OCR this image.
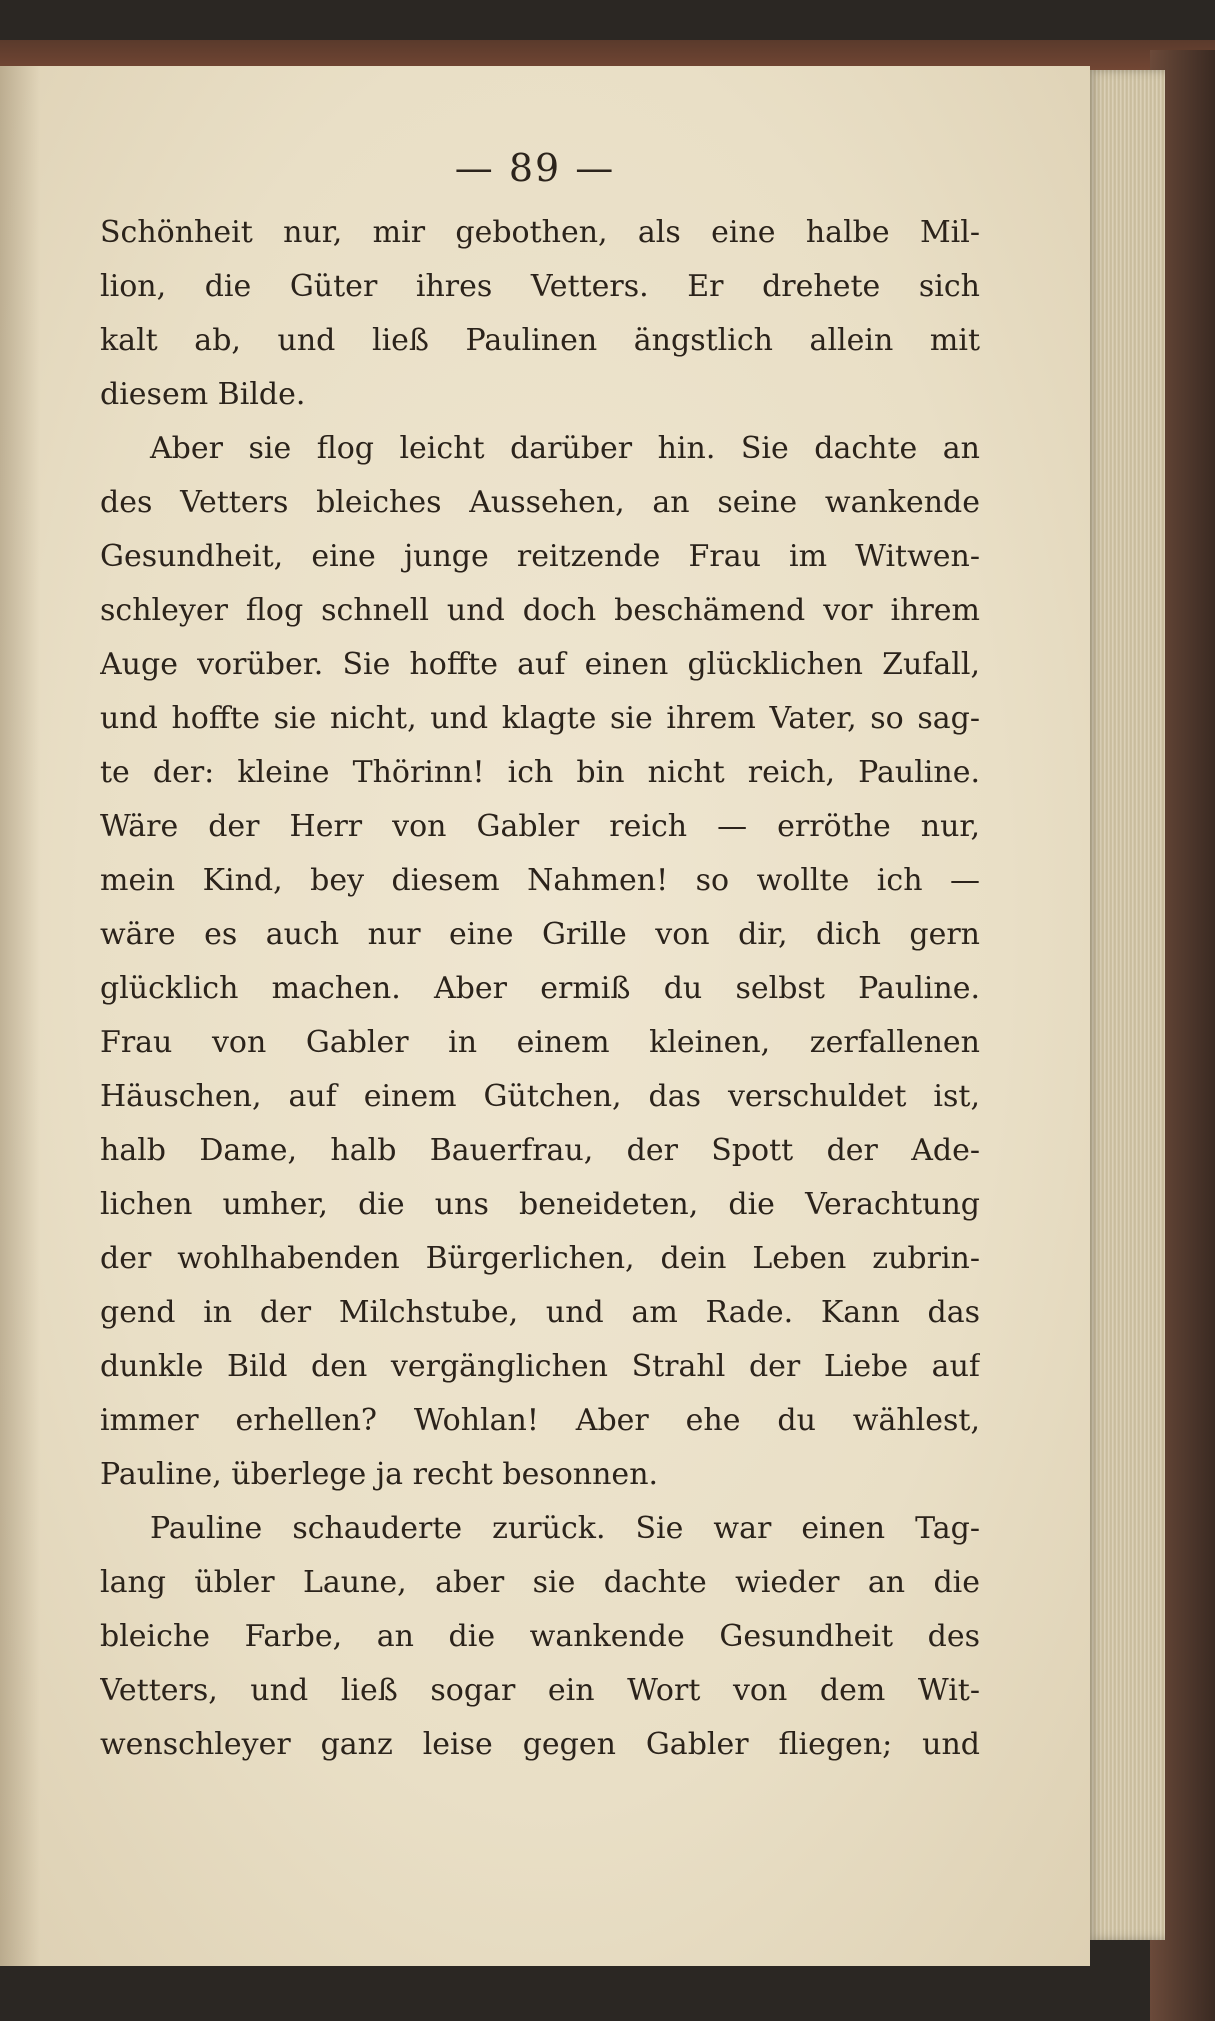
— 89 —
Schönheit nur, mir gebothen, als eine halbe Mil-
lion, die Güter ihres Vetters. Er drehete sich
kalt ab, und ließ Paulinen ängstlich allein mit
diesem Bilde.
Aber sie flog leicht darüber hin. Sie dachte an
des Vetters bleiches Aussehen, an seine wankende
Gesundheit, eine junge reitzende Frau im Witwen-
schleyer flog schnell und doch beschämend vor ihrem
Auge vorüber. Sie hoffte auf einen glücklichen Zufall,
und hoffte sie nicht, und klagte sie ihrem Vater, so sag-
te der: kleine Thörinn! ich bin nicht reich, Pauline.
Wäre der Herr von Gabler reich — erröthe nur,
mein Kind, bey diesem Nahmen! so wollte ich —
wäre es auch nur eine Grille von dir, dich gern
glücklich machen. Aber ermiß du selbst Pauline.
Frau von Gabler in einem kleinen, zerfallenen
Häuschen, auf einem Gütchen, das verschuldet ist,
halb Dame, halb Bauerfrau, der Spott der Ade-
lichen umher, die uns beneideten, die Verachtung
der wohlhabenden Bürgerlichen, dein Leben zubrin-
gend in der Milchstube, und am Rade. Kann das
dunkle Bild den vergänglichen Strahl der Liebe auf
immer erhellen? Wohlan! Aber ehe du wählest,
Pauline, überlege ja recht besonnen.
Pauline schauderte zurück. Sie war einen Tag-
lang übler Laune, aber sie dachte wieder an die
bleiche Farbe, an die wankende Gesundheit des
Vetters, und ließ sogar ein Wort von dem Wit-
wenschleyer ganz leise gegen Gabler fliegen; und
